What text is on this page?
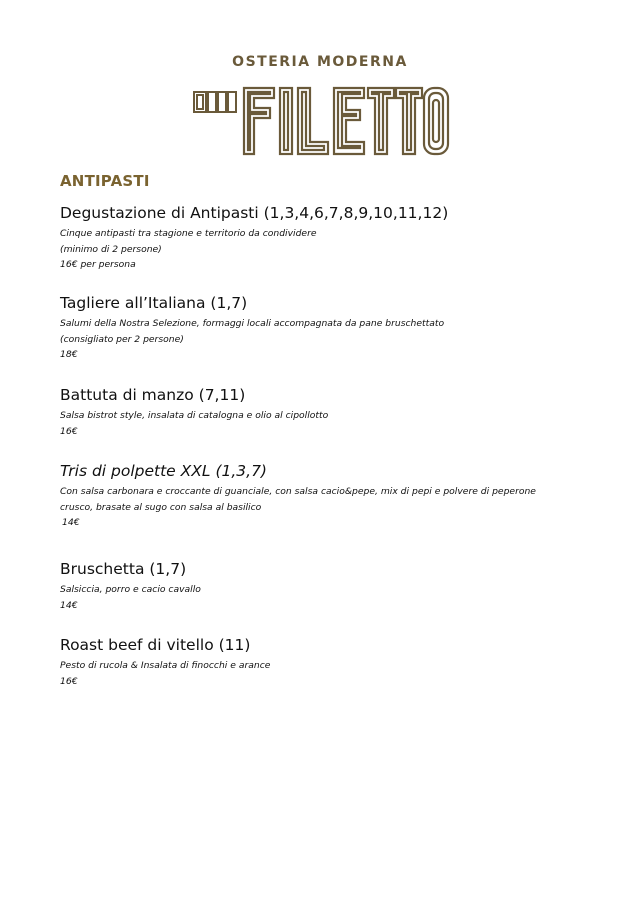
OSTERIA MODERNA
ANTIPASTI
Degustazione di Antipasti (1,3,4,6,7,8,9,10,11,12)
Cinque antipasti tra stagione e territorio da condividere
(minimo di 2 persone)
16€ per persona
Tagliere all’Italiana (1,7)
Salumi della Nostra Selezione, formaggi locali accompagnata da pane bruschettato
(consigliato per 2 persone)
18€
Battuta di manzo (7,11)
Salsa bistrot style, insalata di catalogna e olio al cipollotto
16€
Tris di polpette XXL (1,3,7)
Con salsa carbonara e croccante di guanciale, con salsa cacio&pepe, mix di pepi e polvere di peperone
crusco, brasate al sugo con salsa al basilico
14€
Bruschetta (1,7)
Salsiccia, porro e cacio cavallo
14€
Roast beef di vitello (11)
Pesto di rucola & Insalata di finocchi e arance
16€
